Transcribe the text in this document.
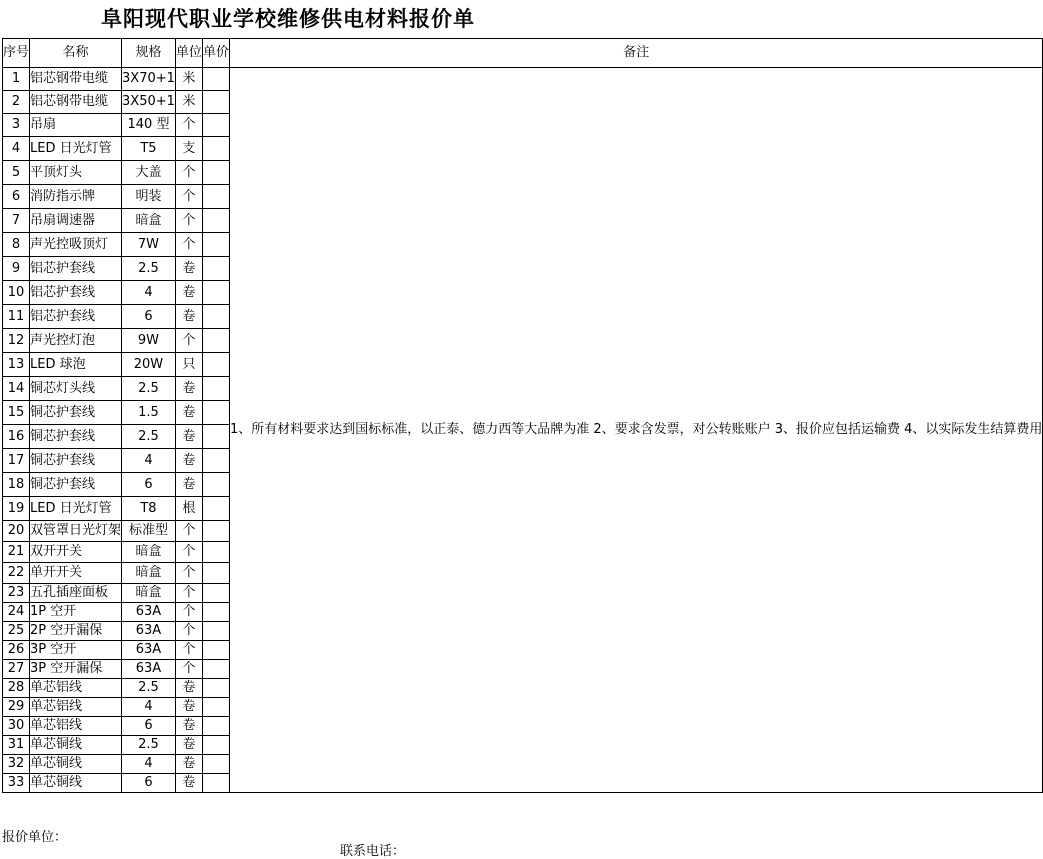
阜阳现代职业学校维修供电材料报价单
序号	名称	规格	单位	单价	备注
1	铝芯钢带电缆	3X70+1	米		1、所有材料要求达到国标标准，以正泰、德力西等大品牌为准 2、要求含发票，对公转账账户 3、报价应包括运输费 4、以实际发生结算费用
2	铝芯钢带电缆	3X50+1	米		
3	吊扇	140 型	个		
4	LED 日光灯管	T5	支		
5	平顶灯头	大盖	个		
6	消防指示牌	明装	个		
7	吊扇调速器	暗盒	个		
8	声光控吸顶灯	7W	个		
9	铝芯护套线	2.5	卷		
10	铝芯护套线	4	卷		
11	铝芯护套线	6	卷		
12	声光控灯泡	9W	个		
13	LED 球泡	20W	只		
14	铜芯灯头线	2.5	卷		
15	铜芯护套线	1.5	卷		
16	铜芯护套线	2.5	卷		
17	铜芯护套线	4	卷		
18	铜芯护套线	6	卷		
19	LED 日光灯管	T8	根		
20	双管罩日光灯架	标准型	个		
21	双开开关	暗盒	个		
22	单开开关	暗盒	个		
23	五孔插座面板	暗盒	个		
24	1P 空开	63A	个		
25	2P 空开漏保	63A	个		
26	3P 空开	63A	个		
27	3P 空开漏保	63A	个		
28	单芯铝线	2.5	卷		
29	单芯铝线	4	卷		
30	单芯铝线	6	卷		
31	单芯铜线	2.5	卷		
32	单芯铜线	4	卷		
33	单芯铜线	6	卷		
报价单位：
联系电话：
